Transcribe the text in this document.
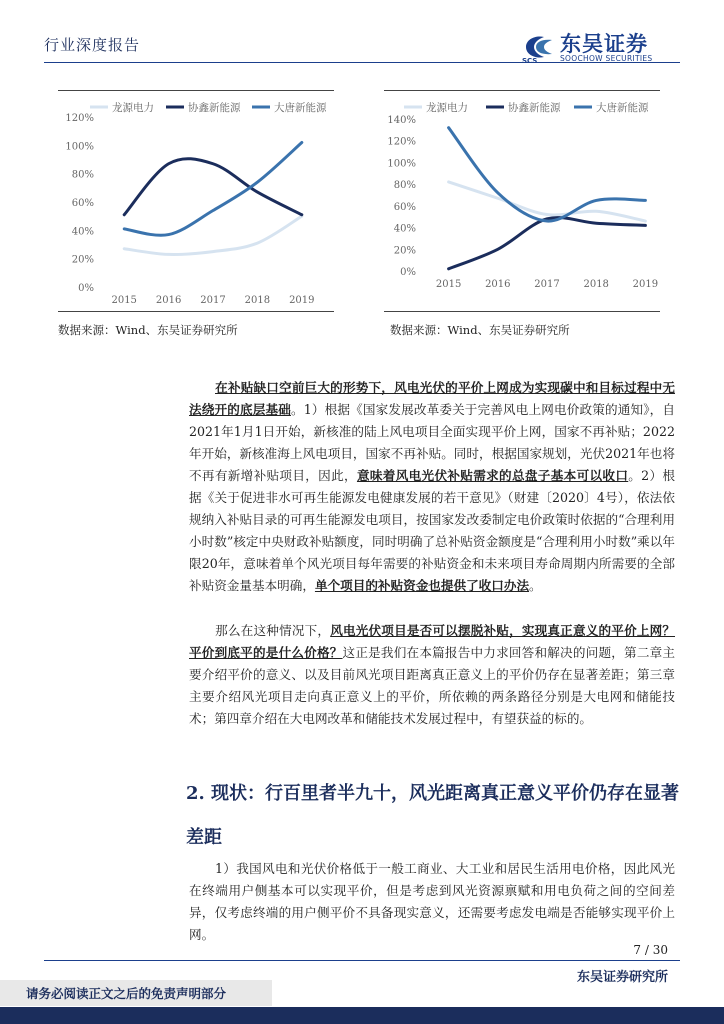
行业深度报告
SCS
东吴证券
SOOCHOW SECURITIES
0%
20%
40%
60%
80%
100%
120%
2015 2016 2017 2018 2019
龙源电力	协鑫新能源	大唐新能源
0%
20%
40%
60%
80%
100%
120%
140%
2015 2016 2017 2018 2019
龙源电力	协鑫新能源	大唐新能源
数据来源：Wind、东吴证券研究所	数据来源：Wind、东吴证券研究所
在补贴缺口空前巨大的形势下，风电光伏的平价上网成为实现碳中和目标过程中无法绕开的底层基础。1）根据《国家发展改革委关于完善风电上网电价政策的通知》，自2021年1月1日开始，新核准的陆上风电项目全面实现平价上网，国家不再补贴；2022年开始，新核准海上风电项目，国家不再补贴。同时，根据国家规划，光伏2021年也将不再有新增补贴项目，因此，意味着风电光伏补贴需求的总盘子基本可以收口。2）根据《关于促进非水可再生能源发电健康发展的若干意见》（财建〔2020〕4号），依法依规纳入补贴目录的可再生能源发电项目，按国家发改委制定电价政策时依据的“合理利用小时数”核定中央财政补贴额度，同时明确了总补贴资金额度是“合理利用小时数”乘以年限20年，意味着单个风光项目每年需要的补贴资金和未来项目寿命周期内所需要的全部补贴资金量基本明确，单个项目的补贴资金也提供了收口办法。
那么在这种情况下，风电光伏项目是否可以摆脱补贴，实现真正意义的平价上网？平价到底平的是什么价格？这正是我们在本篇报告中力求回答和解决的问题，第二章主要介绍平价的意义、以及目前风光项目距离真正意义上的平价仍存在显著差距；第三章主要介绍风光项目走向真正意义上的平价，所依赖的两条路径分别是大电网和储能技术；第四章介绍在大电网改革和储能技术发展过程中，有望获益的标的。
2. 现状：行百里者半九十，风光距离真正意义平价仍存在显著差距
1）我国风电和光伏价格低于一般工商业、大工业和居民生活用电价格，因此风光在终端用户侧基本可以实现平价，但是考虑到风光资源禀赋和用电负荷之间的空间差异，仅考虑终端的用户侧平价不具备现实意义，还需要考虑发电端是否能够实现平价上网。
7 / 30
东吴证券研究所
请务必阅读正文之后的免责声明部分
